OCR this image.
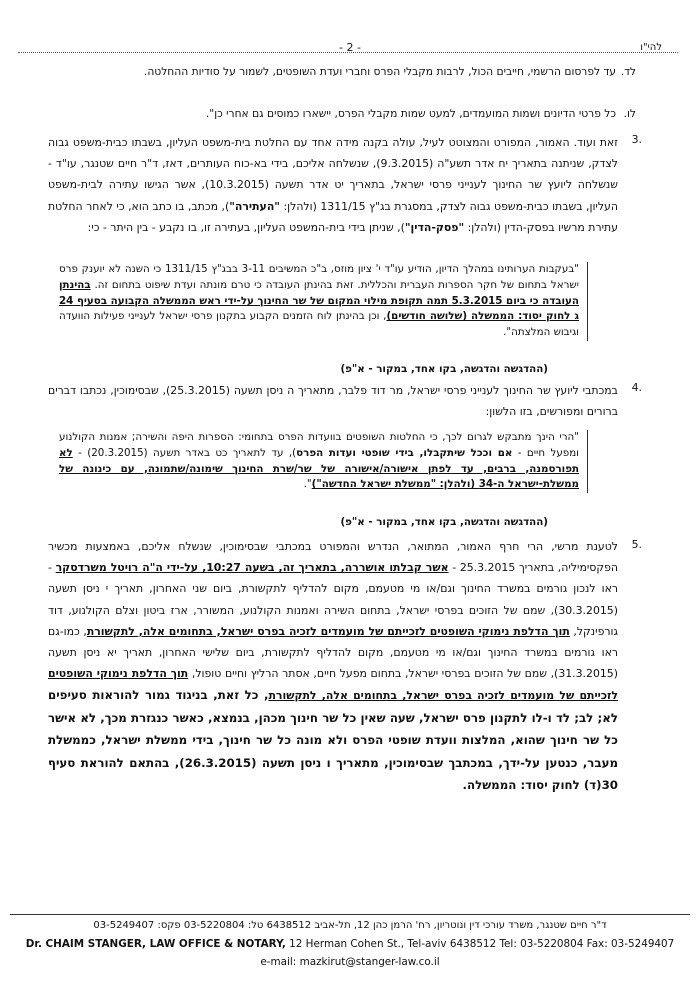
להי"ו
- 2 -
לד.
עד לפרסום הרשמי, חייבים הכול, לרבות מקבלי הפרס וחברי ועדת השופטים, לשמור על סודיות ההחלטה.
לו.
כל פרטי הדיונים ושמות המועמדים, למעט שמות מקבלי הפרס, יישארו כמוסים גם אחרי כן".
.3
זאת ועוד. האמור, המפורט והמצוטט לעיל, עולה בקנה מידה אחד עם החלטת בית-משפט העליון, בשבתו כבית-משפט גבוה לצדק, שניתנה בתאריך יח אדר תשע"ה (9.3.2015), שנשלחה אליכם, בידי בא-כוח העותרים, דאז, ד"ר חיים שטנגר, עו"ד - שנשלחה ליועץ שר החינוך לענייני פרסי ישראל, בתאריך יט אדר תשעה (10.3.2015), אשר הגישו עתירה לבית-משפט העליון, בשבתו כבית-משפט גבוה לצדק, במסגרת בג"ץ 1311/15 (ולהלן: "העתירה"), מכתב, בו כתב הוא, כי לאחר החלטת עתירת מרשיו בפסק-הדין (ולהלן: "פסק-הדין"), שניתן בידי בית-המשפט העליון, בעתירה זו, בו נקבע - בין היתר - כי:
"בעקבות הערותינו במהלך הדיון, הודיע עו"ד י' ציון מוזס, ב"כ המשיבים 3-11 בבג"ץ 1311/15 כי השנה לא יוענק פרס ישראל בתחום של חקר הספרות העברית והכללית. זאת בהינתן העובדה כי טרם מונתה ועדת שיפוט בתחום זה. בהינתן העובדה כי ביום 5.3.2015 תמה תקופת מילוי המקום של שר החינוך על-ידי ראש הממשלה הקבועה בסעיף 24 ג לחוק יסוד: הממשלה (שלושה חודשים), וכן בהינתן לוח הזמנים הקבוע בתקנון פרסי ישראל לענייני פעילות הוועדה וגיבוש המלצתה".
(ההדגשה והדגשה, בקו אחד, במקור - א"פ)
.4
במכתבי ליועץ שר החינוך לענייני פרסי ישראל, מר דוד פלבר, מתאריך ה ניסן תשעה (25.3.2015), שבסימוכין, נכתבו דברים ברורים ומפורשים, בזו הלשון:
"הרי הינך מתבקש לגרום לכך, כי החלטות השופטים בוועדות הפרס בתחומי: הספרות היפה והשירה; אמנות הקולנוע ומפעל חיים - אם וככל שיתקבלו, בידי שופטי ועדות הפרס), עד לתאריך כט באדר תשעה (20.3.2015) - לא תפורסמנה, ברבים, עד לפתן אישורה/אישורה של שר/שרת החינוך שימונה/שתמונה, עם כינונה של ממשלת-ישראל ה-34 (ולהלן: "ממשלת ישראל החדשה")".
(ההדגשה והדגשה, בקו אחד, במקור - א"פ)
.5
לטענת מרשי, הרי חרף האמור, המתואר, הנדרש והמפורט במכתבי שבסימוכין, שנשלח אליכם, באמצעות מכשיר הפקסימיליה, בתאריך 25.3.2015 - אשר קבלתו אושררה, בתאריך זה, בשעה 10:27, על-ידי ה"ה רויטל משרדסקר - ראו לנכון גורמים במשרד החינוך וגם/או מי מטעמם, מקום להדליף לתקשורת, ביום שני האחרון, תאריך י ניסן תשעה (30.3.2015), שמם של הזוכים בפרסי ישראל, בתחום השירה ואמנות הקולנוע, המשורר, ארז ביטון וצלם הקולנוע, דוד גורפינקל, תוך הדלפת נימוקי השופטים לזכייתם של מועמדים לזכיה בפרס ישראל, בתחומים אלה, לתקשורת, כמו-גם ראו גורמים במשרד החינוך וגם/או מי מטעמם, מקום להדליף לתקשורת, ביום שלישי האחרון, תאריך יא ניסן תשעה (31.3.2015), שמם של הזוכים בפרסי ישראל, בתחום מפעל חיים, אסתר הרליץ וחיים טופול, תוך הדלפת נימוקי השופטים לזכייתם של מועמדים לזכיה בפרס ישראל, בתחומים אלה, לתקשורת, כל זאת, בניגוד גמור להוראות סעיפים לא; לב; לד ו-לו לתקנון פרס ישראל, שעה שאין כל שר חינוך מכהן, בנמצא, כאשר כנגזרת מכך, לא אישר כל שר חינוך שהוא, המלצות וועדת שופטי הפרס ולא מונה כל שר חינוך, בידי ממשלת ישראל, כממשלת מעבר, כנטען על-ידך, במכתבך שבסימוכין, מתאריך ו ניסן תשעה (26.3.2015), בהתאם להוראת סעיף 30(ד) לחוק יסוד: הממשלה.
ד"ר חיים שטנגר, משרד עורכי דין ונוטריון, רח' הרמן כהן 12, תל-אביב 6438512 טל: 03-5220804 פקס: 03-5249407
Dr. CHAIM STANGER, LAW OFFICE & NOTARY, 12 Herman Cohen St., Tel-aviv 6438512 Tel: 03-5220804 Fax: 03-5249407
e-mail: mazkirut@stanger-law.co.il
